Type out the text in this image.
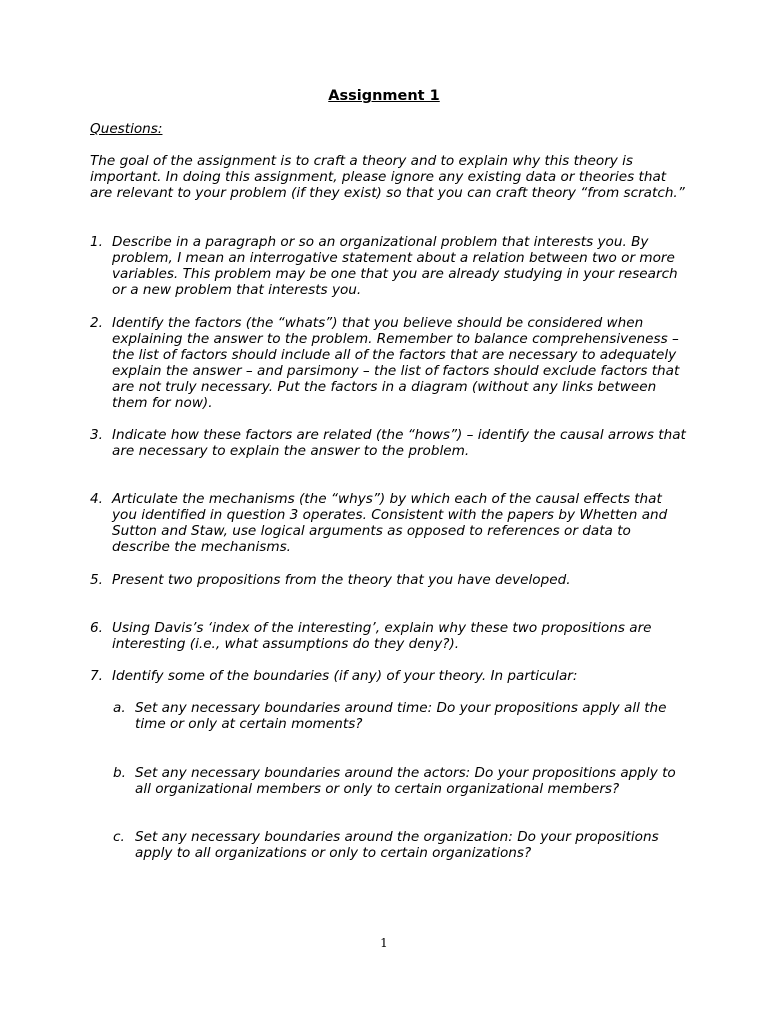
Assignment 1
Questions:
The goal of the assignment is to craft a theory and to explain why this theory is important. In doing this assignment, please ignore any existing data or theories that are relevant to your problem (if they exist) so that you can craft theory “from scratch.”
1. Describe in a paragraph or so an organizational problem that interests you. By problem, I mean an interrogative statement about a relation between two or more variables. This problem may be one that you are already studying in your research or a new problem that interests you.
2. Identify the factors (the “whats”) that you believe should be considered when explaining the answer to the problem. Remember to balance comprehensiveness – the list of factors should include all of the factors that are necessary to adequately explain the answer – and parsimony – the list of factors should exclude factors that are not truly necessary. Put the factors in a diagram (without any links between them for now).
3. Indicate how these factors are related (the “hows”) – identify the causal arrows that are necessary to explain the answer to the problem.
4. Articulate the mechanisms (the “whys”) by which each of the causal effects that you identified in question 3 operates. Consistent with the papers by Whetten and Sutton and Staw, use logical arguments as opposed to references or data to describe the mechanisms.
5. Present two propositions from the theory that you have developed.
6. Using Davis’s ‘index of the interesting’, explain why these two propositions are interesting (i.e., what assumptions do they deny?).
7. Identify some of the boundaries (if any) of your theory. In particular:
a. Set any necessary boundaries around time: Do your propositions apply all the time or only at certain moments?
b. Set any necessary boundaries around the actors: Do your propositions apply to all organizational members or only to certain organizational members?
c. Set any necessary boundaries around the organization: Do your propositions apply to all organizations or only to certain organizations?
1
